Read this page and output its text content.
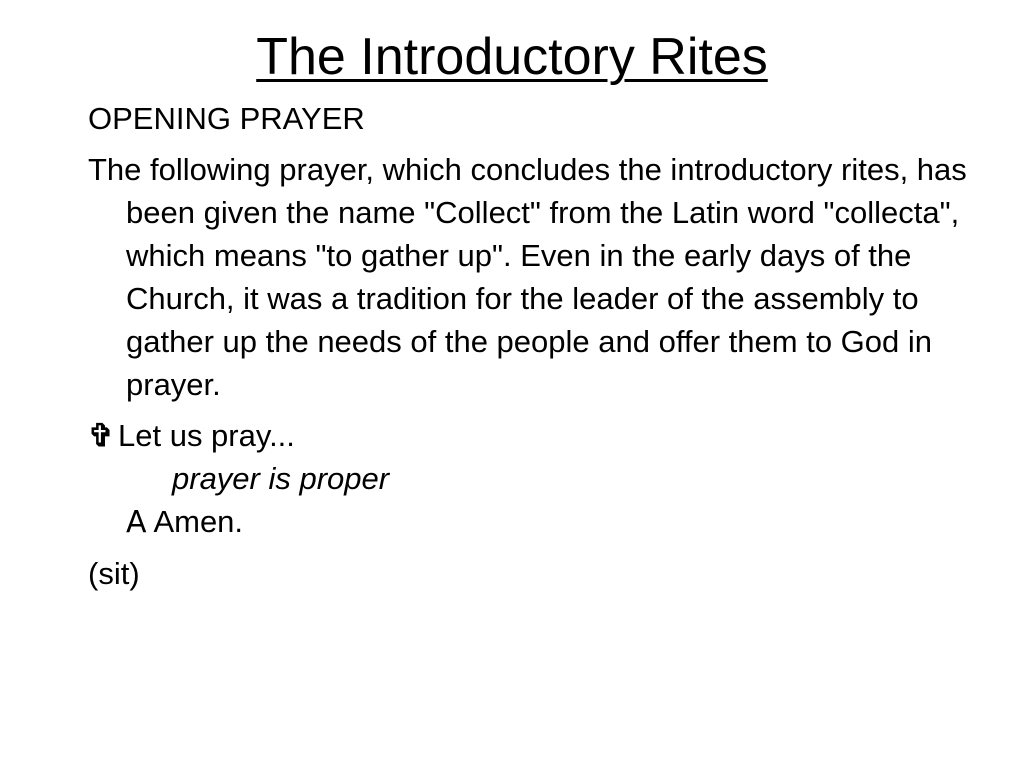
The Introductory Rites

OPENING PRAYER

The following prayer, which concludes the introductory rites, has been given the name "Collect" from the Latin word "collecta", which means "to gather up". Even in the early days of the Church, it was a tradition for the leader of the assembly to gather up the needs of the people and offer them to God in prayer.

✞ Let us pray...

prayer is proper

A Amen.

(sit)
